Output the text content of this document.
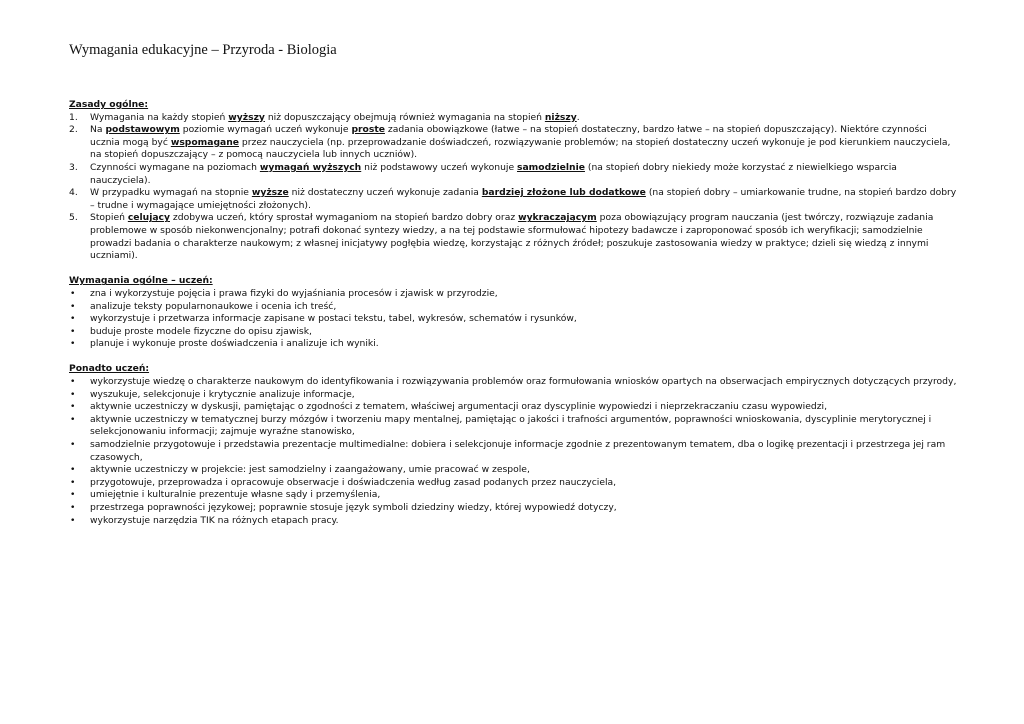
Wymagania edukacyjne – Przyroda - Biologia
Zasady ogólne:
1. Wymagania na każdy stopień wyższy niż dopuszczający obejmują również wymagania na stopień niższy.
2. Na podstawowym poziomie wymagań uczeń wykonuje proste zadania obowiązkowe (łatwe – na stopień dostateczny, bardzo łatwe – na stopień dopuszczający). Niektóre czynności ucznia mogą być wspomagane przez nauczyciela (np. przeprowadzanie doświadczeń, rozwiązywanie problemów; na stopień dostateczny uczeń wykonuje je pod kierunkiem nauczyciela, na stopień dopuszczający – z pomocą nauczyciela lub innych uczniów).
3. Czynności wymagane na poziomach wymagań wyższych niż podstawowy uczeń wykonuje samodzielnie (na stopień dobry niekiedy może korzystać z niewielkiego wsparcia nauczyciela).
4. W przypadku wymagań na stopnie wyższe niż dostateczny uczeń wykonuje zadania bardziej złożone lub dodatkowe (na stopień dobry – umiarkowanie trudne, na stopień bardzo dobry – trudne i wymagające umiejętności złożonych).
5. Stopień celujący zdobywa uczeń, który sprostał wymaganiom na stopień bardzo dobry oraz wykraczającym poza obowiązujący program nauczania (jest twórczy, rozwiązuje zadania problemowe w sposób niekonwencjonalny; potrafi dokonać syntezy wiedzy, a na tej podstawie sformułować hipotezy badawcze i zaproponować sposób ich weryfikacji; samodzielnie prowadzi badania o charakterze naukowym; z własnej inicjatywy pogłębia wiedzę, korzystając z różnych źródeł; poszukuje zastosowania wiedzy w praktyce; dzieli się wiedzą z innymi uczniami).
Wymagania ogólne – uczeń:
• zna i wykorzystuje pojęcia i prawa fizyki do wyjaśniania procesów i zjawisk w przyrodzie,
• analizuje teksty popularnonaukowe i ocenia ich treść,
• wykorzystuje i przetwarza informacje zapisane w postaci tekstu, tabel, wykresów, schematów i rysunków,
• buduje proste modele fizyczne do opisu zjawisk,
• planuje i wykonuje proste doświadczenia i analizuje ich wyniki.
Ponadto uczeń:
• wykorzystuje wiedzę o charakterze naukowym do identyfikowania i rozwiązywania problemów oraz formułowania wniosków opartych na obserwacjach empirycznych dotyczących przyrody,
• wyszukuje, selekcjonuje i krytycznie analizuje informacje,
• aktywnie uczestniczy w dyskusji, pamiętając o zgodności z tematem, właściwej argumentacji oraz dyscyplinie wypowiedzi i nieprzekraczaniu czasu wypowiedzi,
• aktywnie uczestniczy w tematycznej burzy mózgów i tworzeniu mapy mentalnej, pamiętając o jakości i trafności argumentów, poprawności wnioskowania, dyscyplinie merytorycznej i selekcjonowaniu informacji; zajmuje wyraźne stanowisko,
• samodzielnie przygotowuje i przedstawia prezentacje multimedialne: dobiera i selekcjonuje informacje zgodnie z prezentowanym tematem, dba o logikę prezentacji i przestrzega jej ram czasowych,
• aktywnie uczestniczy w projekcie: jest samodzielny i zaangażowany, umie pracować w zespole,
• przygotowuje, przeprowadza i opracowuje obserwacje i doświadczenia według zasad podanych przez nauczyciela,
• umiejętnie i kulturalnie prezentuje własne sądy i przemyślenia,
• przestrzega poprawności językowej; poprawnie stosuje język symboli dziedziny wiedzy, której wypowiedź dotyczy,
• wykorzystuje narzędzia TIK na różnych etapach pracy.
